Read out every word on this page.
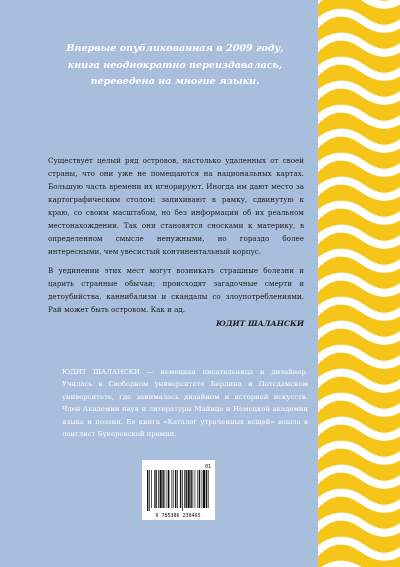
Впервые опубликованная в 2009 году,
книга неоднократно переиздавалась,
переведена на многие языки.

Существует целый ряд островов, настолько удаленных от своей страны, что они уже не помещаются на национальных картах. Большую часть времени их игнорируют. Иногда им дают место за картографическим столом: запихивают в рамку, сдвинутую к краю, со своим масштабом, но без информации об их реальном местонахождении. Так они становятся сносками к материку, в определенном смысле ненужными, но гораздо более интересными, чем увесистый континентальный корпус.

В уединении этих мест могут возникать страшные болезни и царить странные обычаи; происходят загадочные смерти и детоубийства, каннибализм и скандалы со злоупотреблениями. Рай может быть островом. Как и ад.

ЮДИТ ШАЛАНСКИ

ЮДИТ ШАЛАНСКИ — немецкая писательница и дизайнер. Училась в Свободном университете Берлина и Потсдамском университете, где занималась дизайном и историей искусств. Член Академии наук и литературы Майнца и Немецкой академии языка и поэзии. Ее книга «Каталог утраченных вещей» вошла в лонглист Букеровской премии.
9 785386 230465
01
